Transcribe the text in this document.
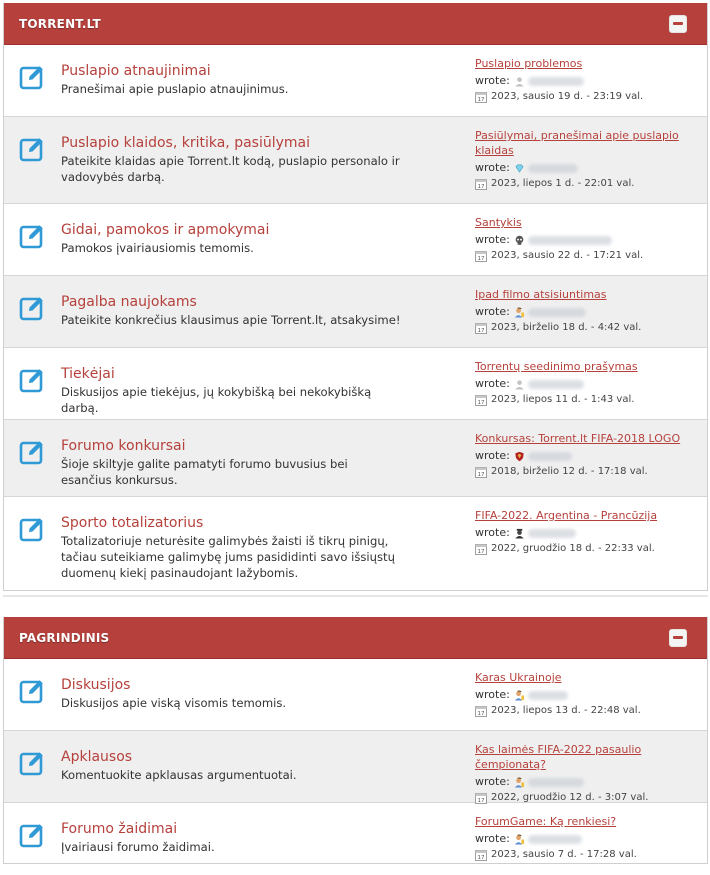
TORRENT.LT
Puslapio atnaujinimai
Pranešimai apie puslapio atnaujinimus.
Puslapio problemos
wrote:
17 2023, sausio 19 d. - 23:19 val.
Puslapio klaidos, kritika, pasiūlymai
Pateikite klaidas apie Torrent.lt kodą, puslapio personalo ir vadovybės darbą.
Pasiūlymai, pranešimai apie puslapio klaidas
wrote:
17 2023, liepos 1 d. - 22:01 val.
Gidai, pamokos ir apmokymai
Pamokos įvairiausiomis temomis.
Santykis
wrote:
17 2023, sausio 22 d. - 17:21 val.
Pagalba naujokams
Pateikite konkrečius klausimus apie Torrent.lt, atsakysime!
Ipad filmo atsisiuntimas
wrote:
17 2023, birželio 18 d. - 4:42 val.
Tiekėjai
Diskusijos apie tiekėjus, jų kokybišką bei nekokybišką darbą.
Torrentų seedinimo prašymas
wrote:
17 2023, liepos 11 d. - 1:43 val.
Forumo konkursai
Šioje skiltyje galite pamatyti forumo buvusius bei esančius konkursus.
Konkursas: Torrent.lt FIFA-2018 LOGO
wrote:
17 2018, birželio 12 d. - 17:18 val.
Sporto totalizatorius
Totalizatoriuje neturėsite galimybės žaisti iš tikrų pinigų, tačiau suteikiame galimybę jums pasididinti savo išsiųstų duomenų kiekį pasinaudojant lažybomis.
FIFA-2022. Argentina - Prancūzija
wrote:
17 2022, gruodžio 18 d. - 22:33 val.
PAGRINDINIS
Diskusijos
Diskusijos apie viską visomis temomis.
Karas Ukrainoje
wrote:
17 2023, liepos 13 d. - 22:48 val.
Apklausos
Komentuokite apklausas argumentuotai.
Kas laimės FIFA-2022 pasaulio čempionatą?
wrote:
17 2022, gruodžio 12 d. - 3:07 val.
Forumo žaidimai
Įvairiausi forumo žaidimai.
ForumGame: Ką renkiesi?
wrote:
17 2023, sausio 7 d. - 17:28 val.
